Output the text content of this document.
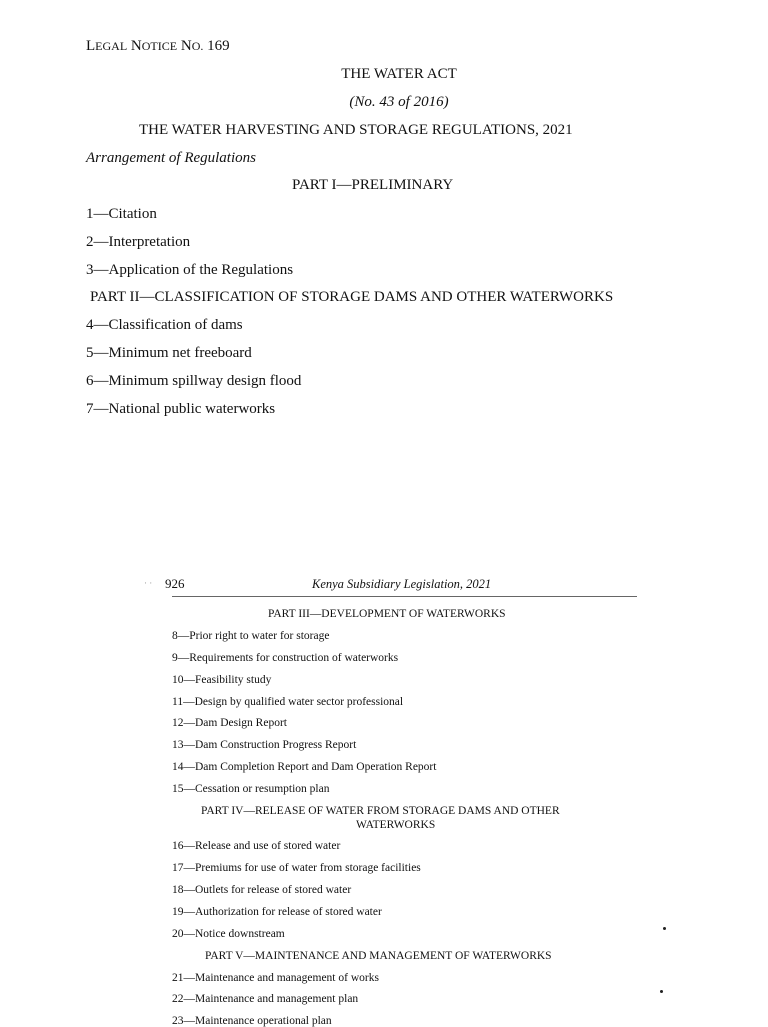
LEGAL NOTICE NO. 169
THE WATER ACT
(No. 43 of 2016)
THE WATER HARVESTING AND STORAGE REGULATIONS, 2021
Arrangement of Regulations
PART I—PRELIMINARY
1—Citation
2—Interpretation
3—Application of the Regulations
PART II—CLASSIFICATION OF STORAGE DAMS AND OTHER WATERWORKS
4—Classification of dams
5—Minimum net freeboard
6—Minimum spillway design flood
7—National public waterworks
· · 926	Kenya Subsidiary Legislation, 2021
PART III—DEVELOPMENT OF WATERWORKS
8—Prior right to water for storage
9—Requirements for construction of waterworks
10—Feasibility study
11—Design by qualified water sector professional
12—Dam Design Report
13—Dam Construction Progress Report
14—Dam Completion Report and Dam Operation Report
15—Cessation or resumption plan
PART IV—RELEASE OF WATER FROM STORAGE DAMS AND OTHER
WATERWORKS
16—Release and use of stored water
17—Premiums for use of water from storage facilities
18—Outlets for release of stored water
19—Authorization for release of stored water
20—Notice downstream
PART V—MAINTENANCE AND MANAGEMENT OF WATERWORKS
21—Maintenance and management of works
22—Maintenance and management plan
23—Maintenance operational plan
